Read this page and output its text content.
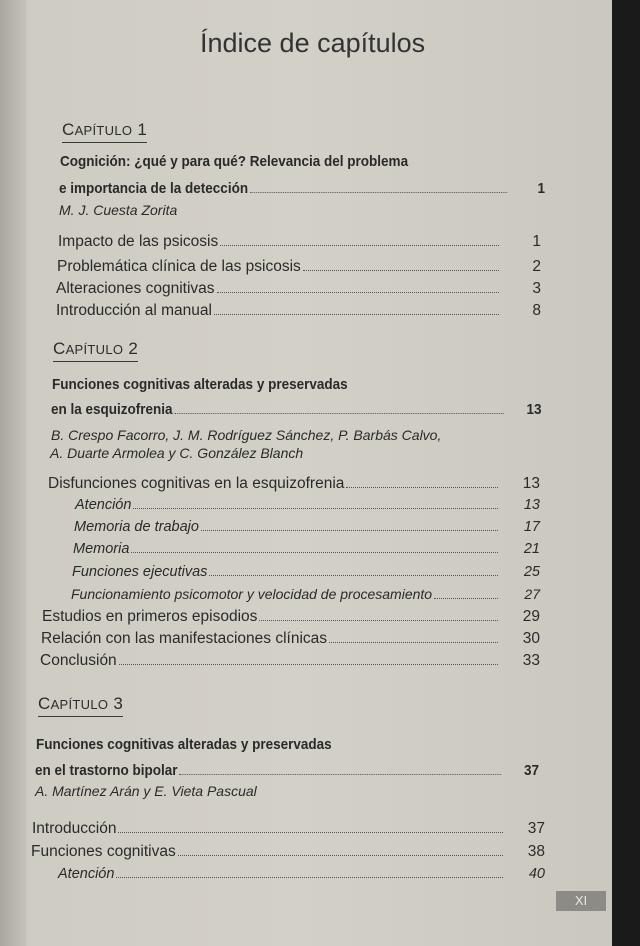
Índice de capítulos
CAPÍTULO 1
Cognición: ¿qué y para qué? Relevancia del problema
e importancia de la detección	1
M. J. Cuesta Zorita
Impacto de las psicosis	1
Problemática clínica de las psicosis	2
Alteraciones cognitivas	3
Introducción al manual	8
CAPÍTULO 2
Funciones cognitivas alteradas y preservadas
en la esquizofrenia	13
B. Crespo Facorro, J. M. Rodríguez Sánchez, P. Barbás Calvo,
A. Duarte Armolea y C. González Blanch
Disfunciones cognitivas en la esquizofrenia	13
Atención	13
Memoria de trabajo	17
Memoria	21
Funciones ejecutivas	25
Funcionamiento psicomotor y velocidad de procesamiento	27
Estudios en primeros episodios	29
Relación con las manifestaciones clínicas	30
Conclusión	33
CAPÍTULO 3
Funciones cognitivas alteradas y preservadas
en el trastorno bipolar	37
A. Martínez Arán y E. Vieta Pascual
Introducción	37
Funciones cognitivas	38
Atención	40
XI
